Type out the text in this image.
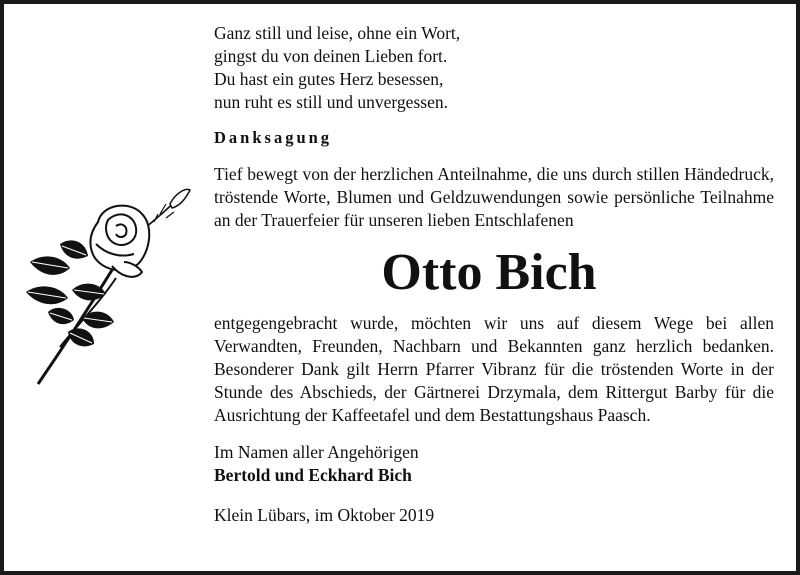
Ganz still und leise, ohne ein Wort,

gingst du von deinen Lieben fort.

Du hast ein gutes Herz besessen,

nun ruht es still und unvergessen.

Danksagung

Tief bewegt von der herzlichen Anteilnahme, die uns durch stillen Händedruck, tröstende Worte, Blumen und Geldzuwendungen sowie persönliche Teilnahme an der Trauerfeier für unseren lieben Entschlafenen

Otto Bich

entgegengebracht wurde, möchten wir uns auf diesem Wege bei allen Verwandten, Freunden, Nachbarn und Bekannten ganz herzlich bedanken. Besonderer Dank gilt Herrn Pfarrer Vibranz für die tröstenden Worte in der Stunde des Abschieds, der Gärtnerei Drzymala, dem Rittergut Barby für die Ausrichtung der Kaffeetafel und dem Bestattungshaus Paasch.

Im Namen aller Angehörigen

Bertold und Eckhard Bich

Klein Lübars, im Oktober 2019
